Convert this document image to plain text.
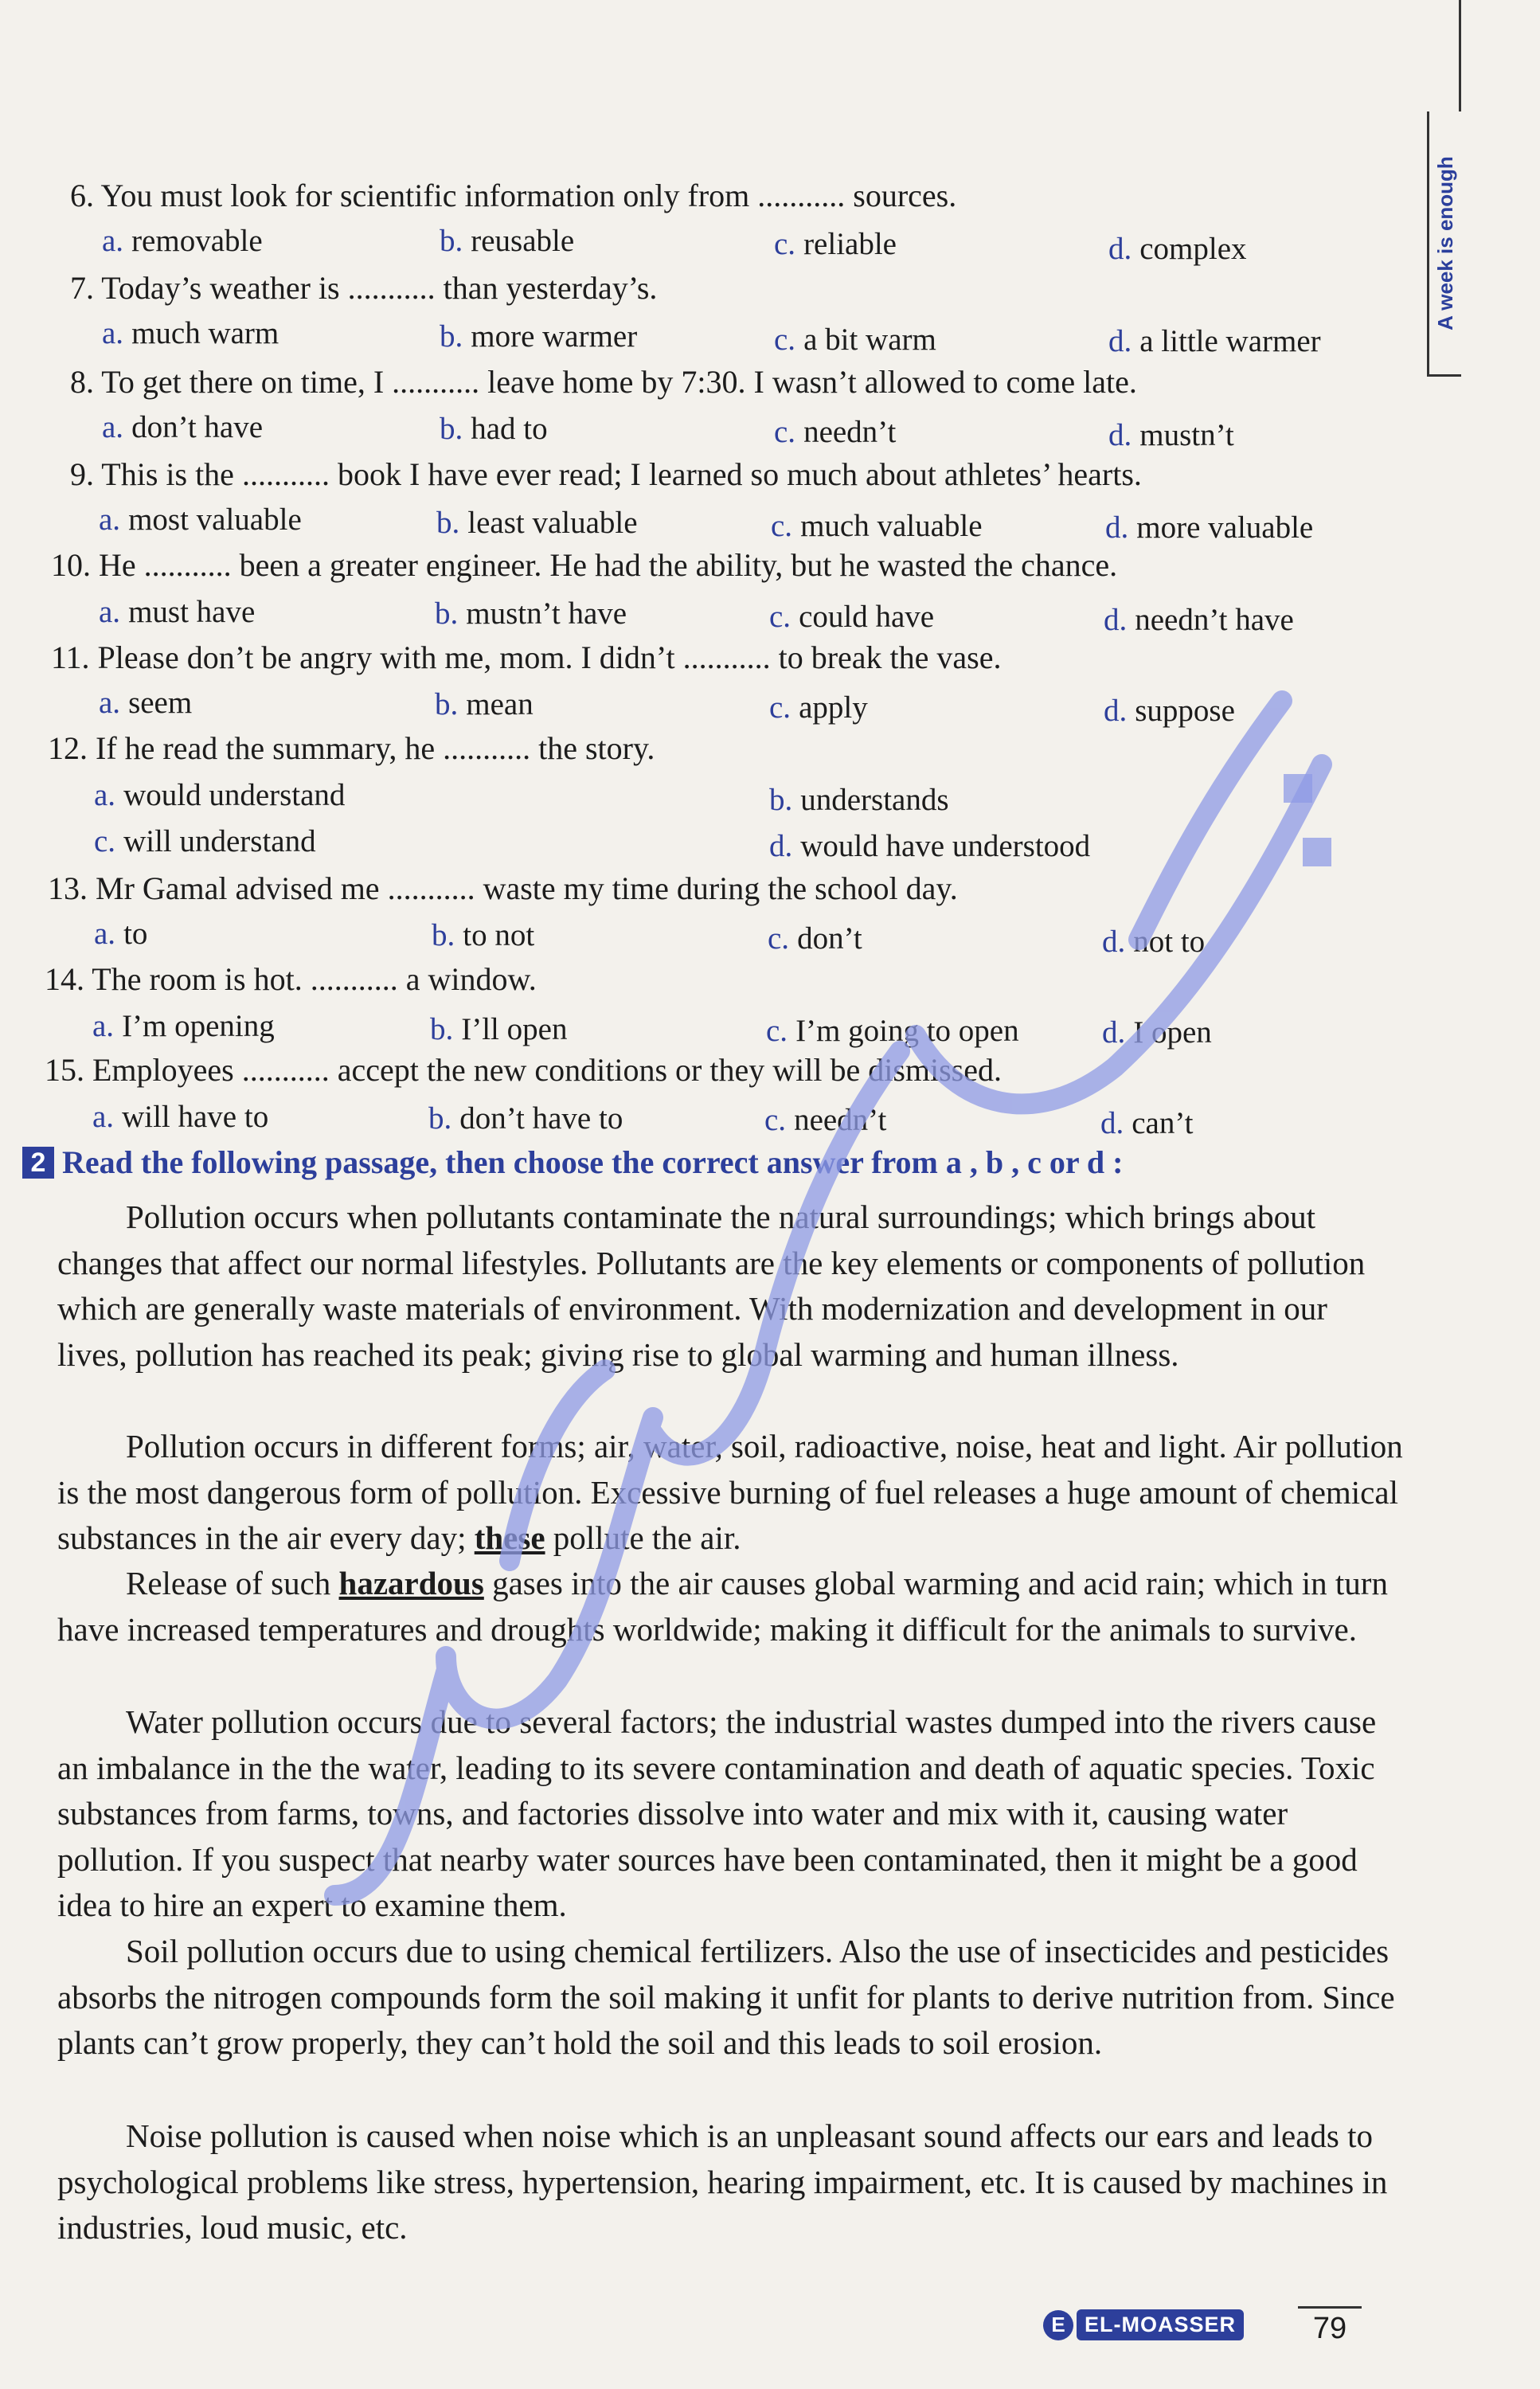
A week is enough
6. You must look for scientific information only from ........... sources.
a. removable	b. reusable	c. reliable	d. complex
7. Today’s weather is ........... than yesterday’s.
a. much warm	b. more warmer	c. a bit warm	d. a little warmer
8. To get there on time, I ........... leave home by 7:30. I wasn’t allowed to come late.
a. don’t have	b. had to	c. needn’t	d. mustn’t
9. This is the ........... book I have ever read; I learned so much about athletes’ hearts.
a. most valuable	b. least valuable	c. much valuable	d. more valuable
10. He ........... been a greater engineer. He had the ability, but he wasted the chance.
a. must have	b. mustn’t have	c. could have	d. needn’t have
11. Please don’t be angry with me, mom. I didn’t ........... to break the vase.
a. seem	b. mean	c. apply	d. suppose
12. If he read the summary, he ........... the story.
a. would understand	b. understands
c. will understand	d. would have understood
13. Mr Gamal advised me ........... waste my time during the school day.
a. to	b. to not	c. don’t	d. not to
14. The room is hot. ........... a window.
a. I’m opening	b. I’ll open	c. I’m going to open	d. I open
15. Employees ........... accept the new conditions or they will be dismissed.
a. will have to	b. don’t have to	c. needn’t	d. can’t
2 Read the following passage, then choose the correct answer from a , b , c or d :
Pollution occurs when pollutants contaminate the natural surroundings; which brings about changes that affect our normal lifestyles. Pollutants are the key elements or components of pollution which are generally waste materials of environment. With modernization and development in our lives, pollution has reached its peak; giving rise to global warming and human illness.
Pollution occurs in different forms; air, water, soil, radioactive, noise, heat and light. Air pollution is the most dangerous form of pollution. Excessive burning of fuel releases a huge amount of chemical substances in the air every day; these pollute the air.
Release of such hazardous gases into the air causes global warming and acid rain; which in turn have increased temperatures and droughts worldwide; making it difficult for the animals to survive.
Water pollution occurs due to several factors; the industrial wastes dumped into the rivers cause an imbalance in the the water, leading to its severe contamination and death of aquatic species. Toxic substances from farms, towns, and factories dissolve into water and mix with it, causing water pollution. If you suspect that nearby water sources have been contaminated, then it might be a good idea to hire an expert to examine them.
Soil pollution occurs due to using chemical fertilizers. Also the use of insecticides and pesticides absorbs the nitrogen compounds form the soil making it unfit for plants to derive nutrition from. Since plants can’t grow properly, they can’t hold the soil and this leads to soil erosion.
Noise pollution is caused when noise which is an unpleasant sound affects our ears and leads to psychological problems like stress, hypertension, hearing impairment, etc. It is caused by machines in industries, loud music, etc.
E EL-MOASSER	79
